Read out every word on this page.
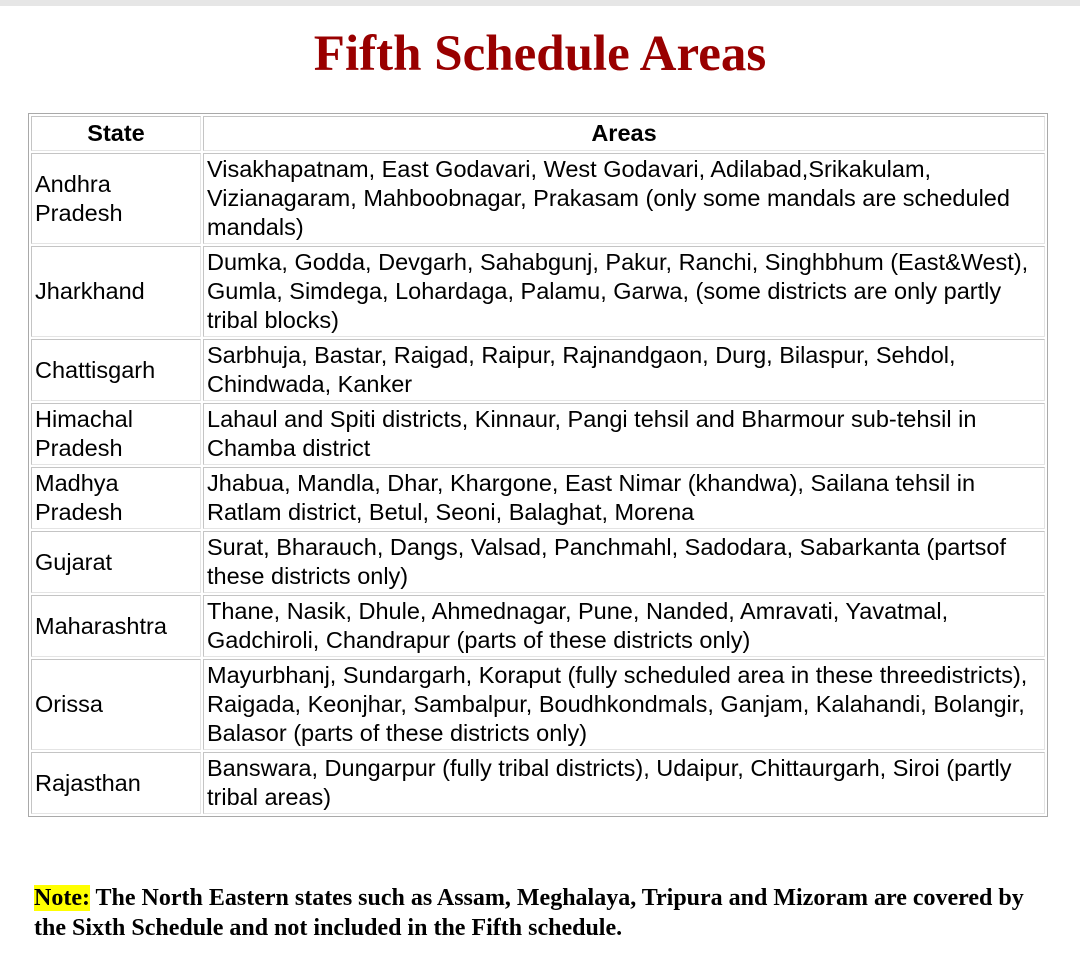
Fifth Schedule Areas
State	Areas
Andhra Pradesh	Visakhapatnam, East Godavari, West Godavari, Adilabad,Srikakulam, Vizianagaram, Mahboobnagar, Prakasam (only some mandals are scheduled mandals)
Jharkhand	Dumka, Godda, Devgarh, Sahabgunj, Pakur, Ranchi, Singhbhum (East&West), Gumla, Simdega, Lohardaga, Palamu, Garwa, (some districts are only partly tribal blocks)
Chattisgarh	Sarbhuja, Bastar, Raigad, Raipur, Rajnandgaon, Durg, Bilaspur, Sehdol, Chindwada, Kanker
Himachal Pradesh	Lahaul and Spiti districts, Kinnaur, Pangi tehsil and Bharmour sub-tehsil in Chamba district
Madhya Pradesh	Jhabua, Mandla, Dhar, Khargone, East Nimar (khandwa), Sailana tehsil in Ratlam district, Betul, Seoni, Balaghat, Morena
Gujarat	Surat, Bharauch, Dangs, Valsad, Panchmahl, Sadodara, Sabarkanta (partsof these districts only)
Maharashtra	Thane, Nasik, Dhule, Ahmednagar, Pune, Nanded, Amravati, Yavatmal, Gadchiroli, Chandrapur (parts of these districts only)
Orissa	Mayurbhanj, Sundargarh, Koraput (fully scheduled area in these threedistricts), Raigada, Keonjhar, Sambalpur, Boudhkondmals, Ganjam, Kalahandi, Bolangir, Balasor (parts of these districts only)
Rajasthan	Banswara, Dungarpur (fully tribal districts), Udaipur, Chittaurgarh, Siroi (partly tribal areas)

Note: The North Eastern states such as Assam, Meghalaya, Tripura and Mizoram are covered by the Sixth Schedule and not included in the Fifth schedule.
